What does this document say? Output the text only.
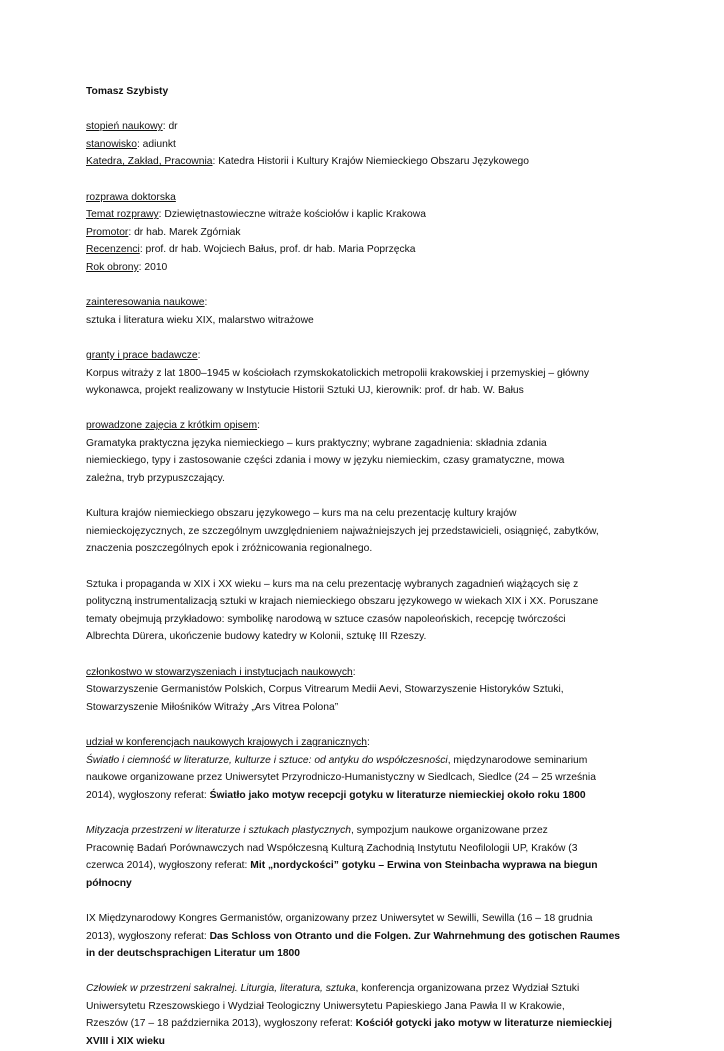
Tomasz Szybisty

stopień naukowy: dr

stanowisko: adiunkt

Katedra, Zakład, Pracownia: Katedra Historii i Kultury Krajów Niemieckiego Obszaru Językowego

rozprawa doktorska

Temat rozprawy: Dziewiętnastowieczne witraże kościołów i kaplic Krakowa

Promotor: dr hab. Marek Zgórniak

Recenzenci: prof. dr hab. Wojciech Bałus, prof. dr hab. Maria Poprzęcka

Rok obrony: 2010

zainteresowania naukowe:

sztuka i literatura wieku XIX, malarstwo witrażowe

granty i prace badawcze:

Korpus witraży z lat 1800–1945 w kościołach rzymskokatolickich metropolii krakowskiej i przemyskiej – główny

wykonawca, projekt realizowany w Instytucie Historii Sztuki UJ, kierownik: prof. dr hab. W. Bałus

prowadzone zajęcia z krótkim opisem:

Gramatyka praktyczna języka niemieckiego – kurs praktyczny; wybrane zagadnienia: składnia zdania

niemieckiego, typy i zastosowanie części zdania i mowy w języku niemieckim, czasy gramatyczne, mowa

zależna, tryb przypuszczający.

Kultura krajów niemieckiego obszaru językowego – kurs ma na celu prezentację kultury krajów

niemieckojęzycznych, ze szczególnym uwzględnieniem najważniejszych jej przedstawicieli, osiągnięć, zabytków,

znaczenia poszczególnych epok i zróżnicowania regionalnego.

Sztuka i propaganda w XIX i XX wieku – kurs ma na celu prezentację wybranych zagadnień wiążących się z

polityczną instrumentalizacją sztuki w krajach niemieckiego obszaru językowego w wiekach XIX i XX. Poruszane

tematy obejmują przykładowo: symbolikę narodową w sztuce czasów napoleońskich, recepcję twórczości

Albrechta Dürera, ukończenie budowy katedry w Kolonii, sztukę III Rzeszy.

członkostwo w stowarzyszeniach i instytucjach naukowych:

Stowarzyszenie Germanistów Polskich, Corpus Vitrearum Medii Aevi, Stowarzyszenie Historyków Sztuki,

Stowarzyszenie Miłośników Witraży „Ars Vitrea Polona”

udział w konferencjach naukowych krajowych i zagranicznych:

Światło i ciemność w literaturze, kulturze i sztuce: od antyku do współczesności, międzynarodowe seminarium

naukowe organizowane przez Uniwersytet Przyrodniczo-Humanistyczny w Siedlcach, Siedlce (24 – 25 września

2014), wygłoszony referat: Światło jako motyw recepcji gotyku w literaturze niemieckiej około roku 1800

Mityzacja przestrzeni w literaturze i sztukach plastycznych, sympozjum naukowe organizowane przez

Pracownię Badań Porównawczych nad Współczesną Kulturą Zachodnią Instytutu Neofilologii UP, Kraków (3

czerwca 2014), wygłoszony referat: Mit „nordyckości” gotyku – Erwina von Steinbacha wyprawa na biegun

północny

IX Międzynarodowy Kongres Germanistów, organizowany przez Uniwersytet w Sewilli, Sewilla (16 – 18 grudnia

2013), wygłoszony referat: Das Schloss von Otranto und die Folgen. Zur Wahrnehmung des gotischen Raumes

in der deutschsprachigen Literatur um 1800

Człowiek w przestrzeni sakralnej. Liturgia, literatura, sztuka, konferencja organizowana przez Wydział Sztuki

Uniwersytetu Rzeszowskiego i Wydział Teologiczny Uniwersytetu Papieskiego Jana Pawła II w Krakowie,

Rzeszów (17 – 18 października 2013), wygłoszony referat: Kościół gotycki jako motyw w literaturze niemieckiej

XVIII i XIX wieku
